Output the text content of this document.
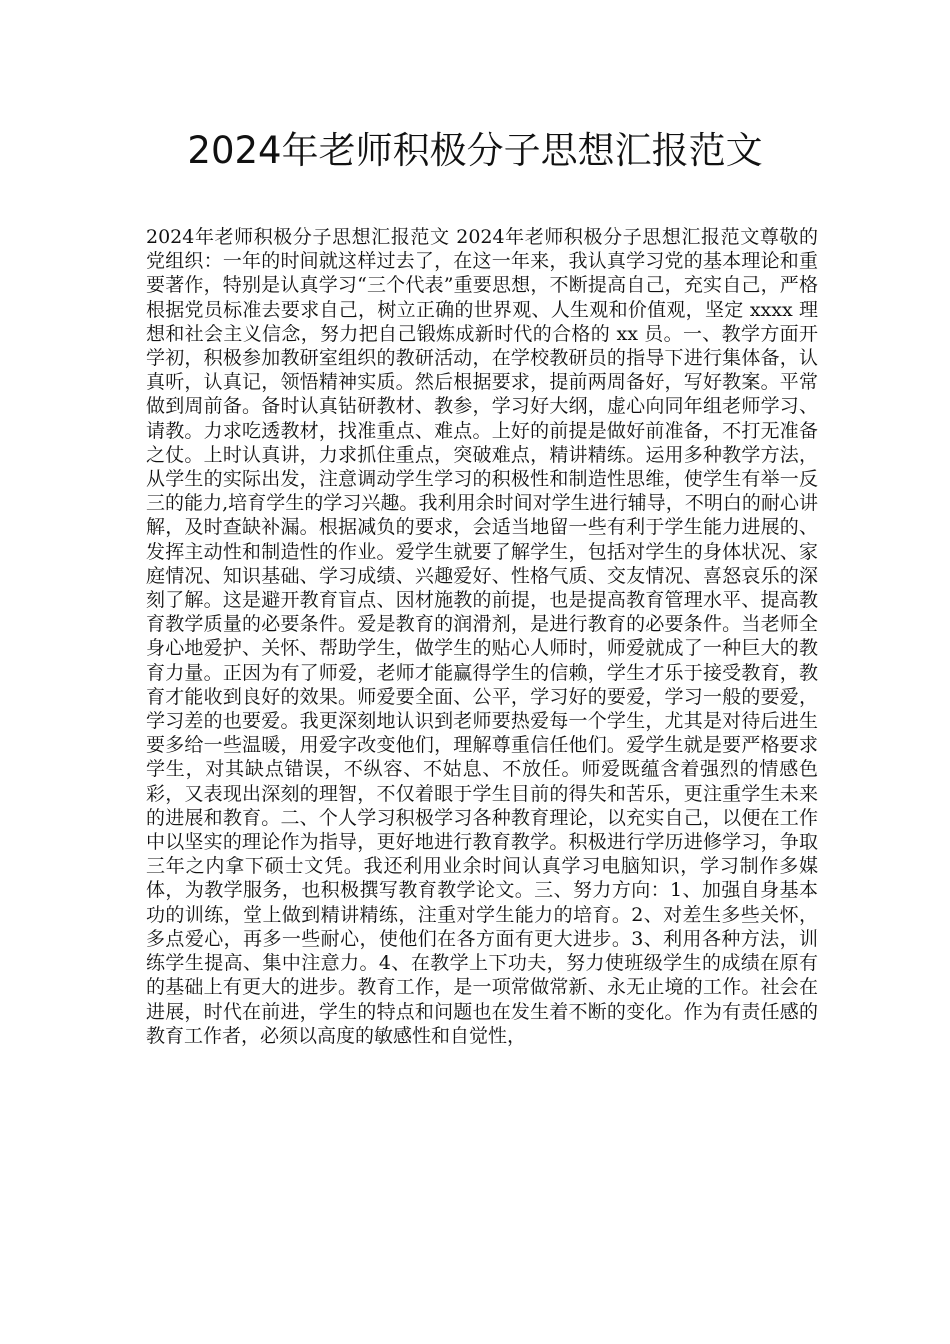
2024年老师积极分子思想汇报范文

2024年老师积极分子思想汇报范文 2024年老师积极分子思想汇报范文尊敬的党组织：一年的时间就这样过去了，在这一年来，我认真学习党的基本理论和重要著作，特别是认真学习“三个代表”重要思想，不断提高自己，充实自己，严格根据党员标准去要求自己，树立正确的世界观、人生观和价值观，坚定 xxxx 理想和社会主义信念，努力把自己锻炼成新时代的合格的 xx 员。一、教学方面开学初，积极参加教研室组织的教研活动，在学校教研员的指导下进行集体备，认真听，认真记，领悟精神实质。然后根据要求，提前两周备好，写好教案。平常做到周前备。备时认真钻研教材、教参，学习好大纲，虚心向同年组老师学习、请教。力求吃透教材，找准重点、难点。上好的前提是做好前准备，不打无准备之仗。上时认真讲，力求抓住重点，突破难点，精讲精练。运用多种教学方法，从学生的实际出发，注意调动学生学习的积极性和制造性思维，使学生有举一反三的能力,培育学生的学习兴趣。我利用余时间对学生进行辅导，不明白的耐心讲解，及时查缺补漏。根据减负的要求，会适当地留一些有利于学生能力进展的、发挥主动性和制造性的作业。爱学生就要了解学生，包括对学生的身体状况、家庭情况、知识基础、学习成绩、兴趣爱好、性格气质、交友情况、喜怒哀乐的深刻了解。这是避开教育盲点、因材施教的前提，也是提高教育管理水平、提高教育教学质量的必要条件。爱是教育的润滑剂，是进行教育的必要条件。当老师全身心地爱护、关怀、帮助学生，做学生的贴心人师时，师爱就成了一种巨大的教育力量。正因为有了师爱，老师才能赢得学生的信赖，学生才乐于接受教育，教育才能收到良好的效果。师爱要全面、公平，学习好的要爱，学习一般的要爱，学习差的也要爱。我更深刻地认识到老师要热爱每一个学生，尤其是对待后进生要多给一些温暖，用爱字改变他们，理解尊重信任他们。爱学生就是要严格要求学生，对其缺点错误，不纵容、不姑息、不放任。师爱既蕴含着强烈的情感色彩，又表现出深刻的理智，不仅着眼于学生目前的得失和苦乐，更注重学生未来的进展和教育。二、个人学习积极学习各种教育理论，以充实自己，以便在工作中以坚实的理论作为指导，更好地进行教育教学。积极进行学历进修学习，争取三年之内拿下硕士文凭。我还利用业余时间认真学习电脑知识，学习制作多媒体，为教学服务，也积极撰写教育教学论文。三、努力方向：1、加强自身基本功的训练，堂上做到精讲精练，注重对学生能力的培育。2、对差生多些关怀，多点爱心，再多一些耐心，使他们在各方面有更大进步。3、利用各种方法，训练学生提高、集中注意力。4、在教学上下功夫，努力使班级学生的成绩在原有的基础上有更大的进步。教育工作，是一项常做常新、永无止境的工作。社会在进展，时代在前进，学生的特点和问题也在发生着不断的变化。作为有责任感的教育工作者，必须以高度的敏感性和自觉性，
